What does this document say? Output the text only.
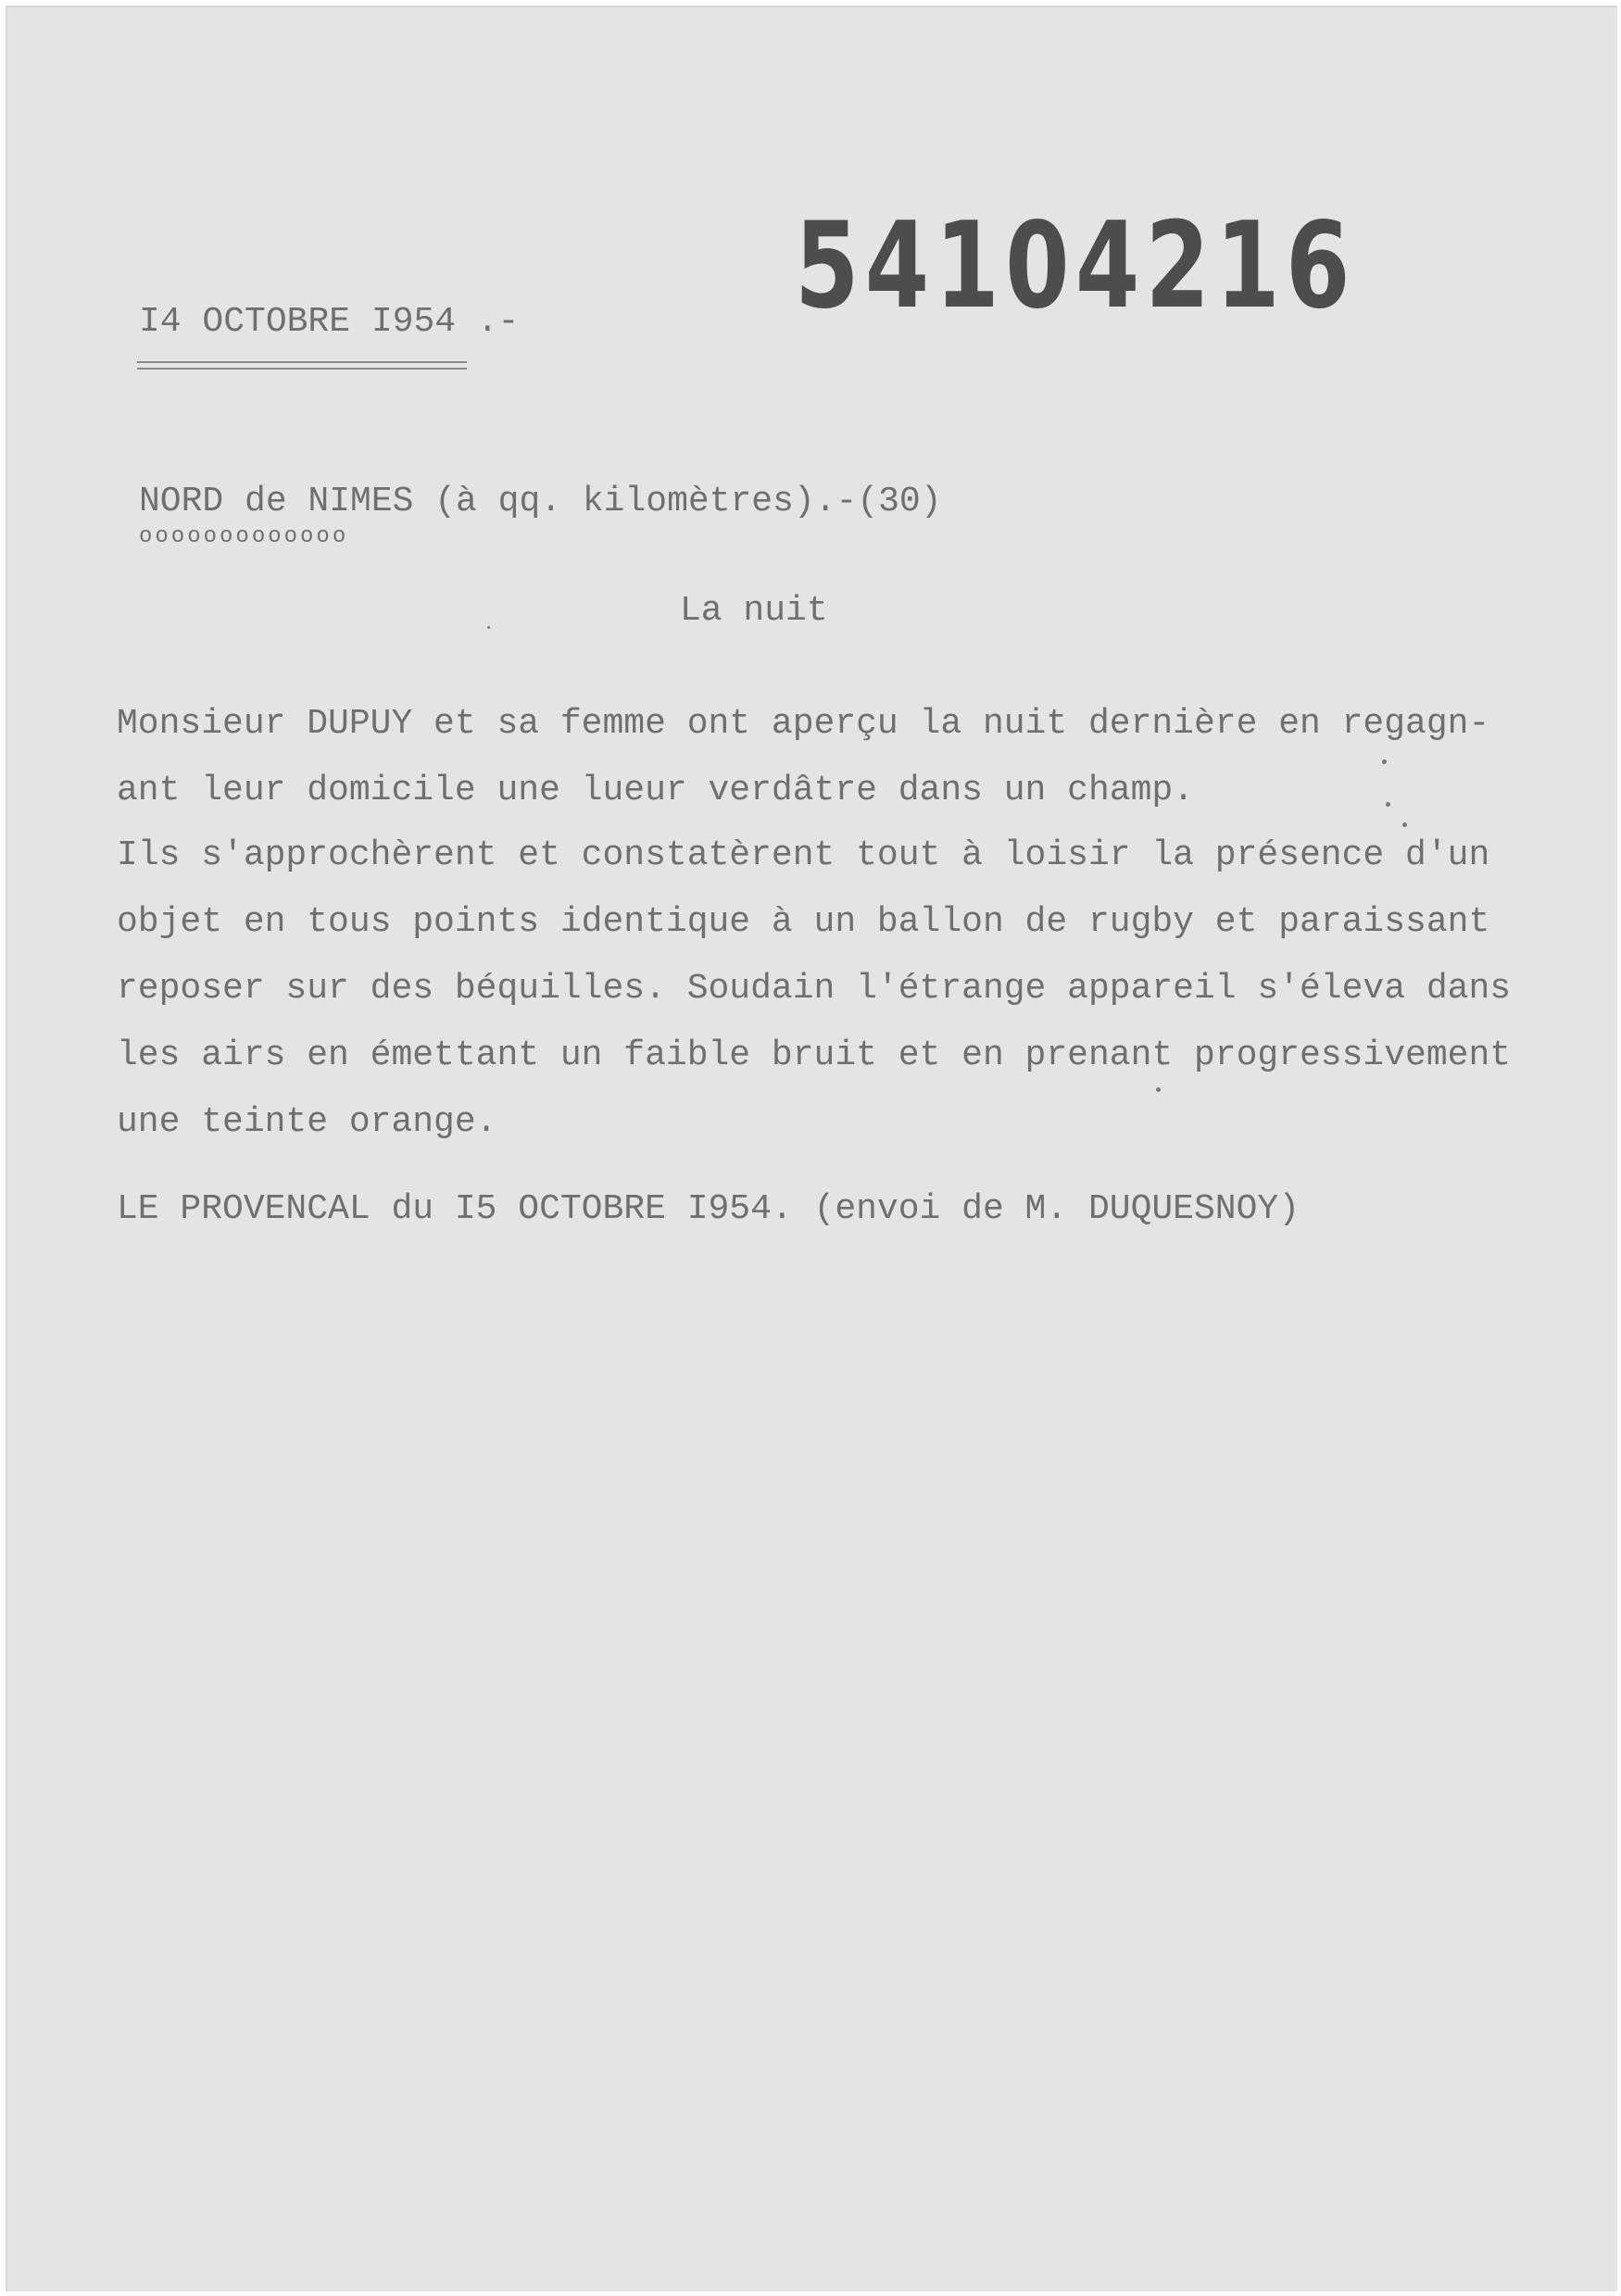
54104216
I4 OCTOBRE I954 .-
NORD de NIMES (à qq. kilomètres).-(30)
ooooooooooooo
La nuit
Monsieur DUPUY et sa femme ont aperçu la nuit dernière en regagn-
ant leur domicile une lueur verdâtre dans un champ.
Ils s'approchèrent et constatèrent tout à loisir la présence d'un
objet en tous points identique à un ballon de rugby et paraissant
reposer sur des béquilles. Soudain l'étrange appareil s'éleva dans
les airs en émettant un faible bruit et en prenant progressivement
une teinte orange.
LE PROVENCAL du I5 OCTOBRE I954. (envoi de M. DUQUESNOY)
